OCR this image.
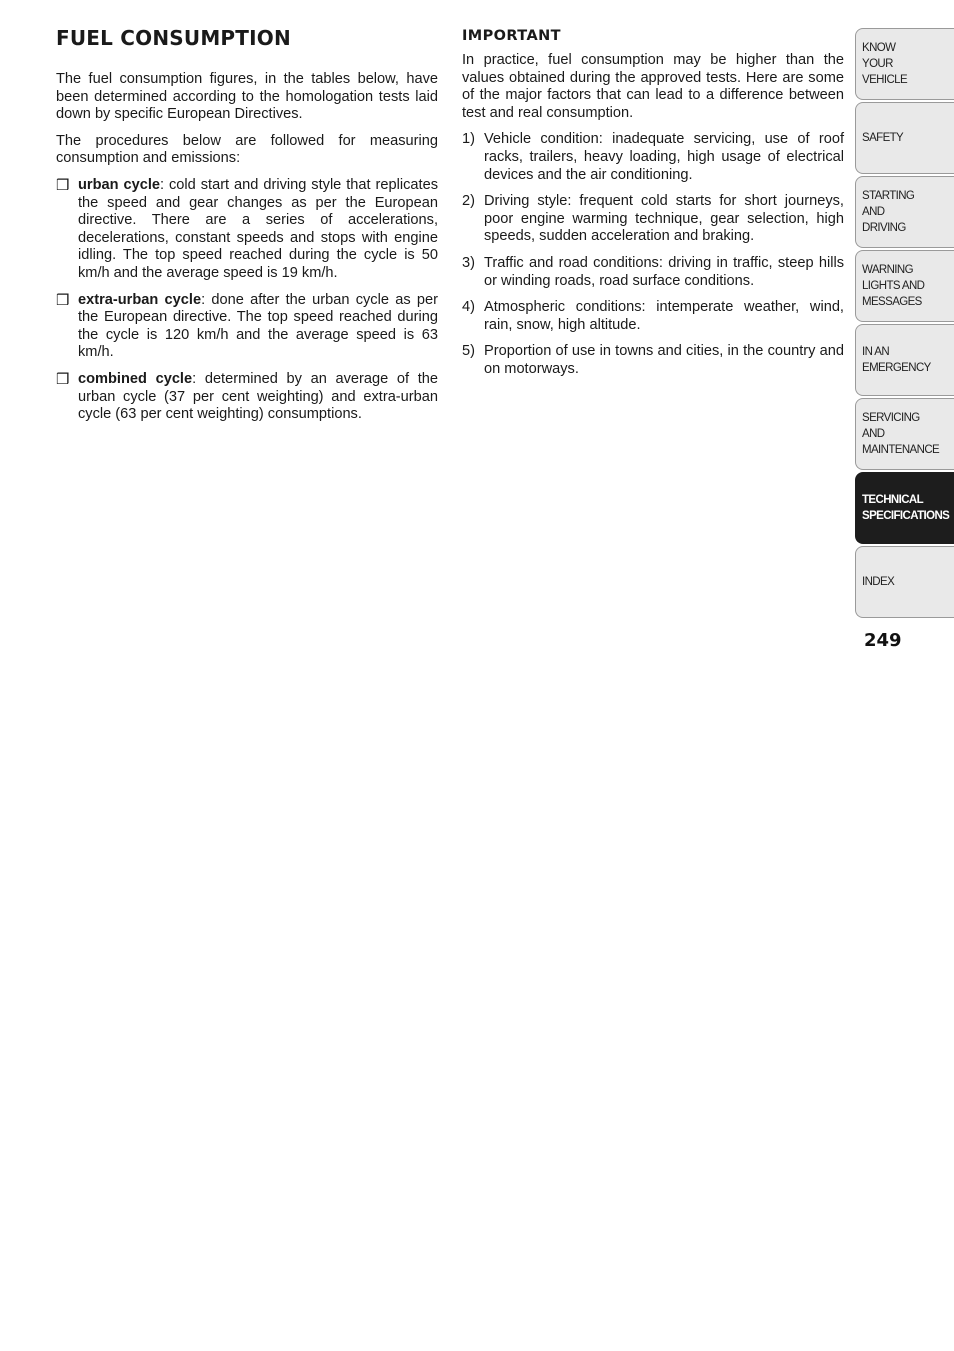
FUEL CONSUMPTION

The fuel consumption figures, in the tables below, have been determined according to the homologation tests laid down by specific European Directives.

The procedures below are followed for measuring consumption and emissions:

❒ urban cycle: cold start and driving style that replicates the speed and gear changes as per the European directive. There are a series of accelerations, decelerations, constant speeds and stops with engine idling. The top speed reached during the cycle is 50 km/h and the average speed is 19 km/h.
❒ extra-urban cycle: done after the urban cycle as per the European directive. The top speed reached during the cycle is 120 km/h and the average speed is 63 km/h.
❒ combined cycle: determined by an average of the urban cycle (37 per cent weighting) and extra-urban cycle (63 per cent weighting) consumptions.
IMPORTANT

In practice, fuel consumption may be higher than the values obtained during the approved tests. Here are some of the major factors that can lead to a difference between test and real consumption.

1) Vehicle condition: inadequate servicing, use of roof racks, trailers, heavy loading, high usage of electrical devices and the air conditioning.
2) Driving style: frequent cold starts for short journeys, poor engine warming technique, gear selection, high speeds, sudden acceleration and braking.
3) Traffic and road conditions: driving in traffic, steep hills or winding roads, road surface conditions.
4) Atmospheric conditions: intemperate weather, wind, rain, snow, high altitude.
5) Proportion of use in towns and cities, in the country and on motorways.
KNOW
YOUR
VEHICLE
SAFETY
STARTING
AND
DRIVING
WARNING
LIGHTS AND
MESSAGES
IN AN
EMERGENCY
SERVICING
AND
MAINTENANCE
TECHNICAL
SPECIFICATIONS
INDEX
249
